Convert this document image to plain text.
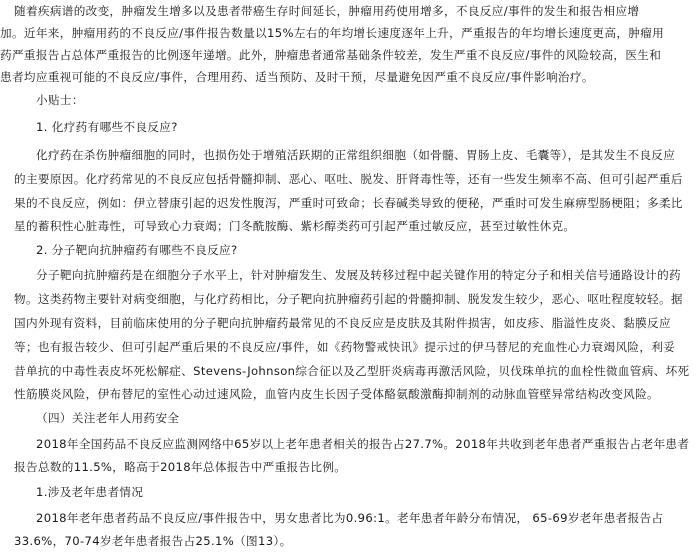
随着疾病谱的改变，肿瘤发生增多以及患者带癌生存时间延长，肿瘤用药使用增多，不良反应/事件的发生和报告相应增
加。近年来，肿瘤用药的不良反应/事件报告数量以15%左右的年均增长速度逐年上升，严重报告的年均增长速度更高，肿瘤用
药严重报告占总体严重报告的比例逐年递增。此外，肿瘤患者通常基础条件较差，发生严重不良反应/事件的风险较高，医生和
患者均应重视可能的不良反应/事件，合理用药、适当预防、及时干预，尽量避免因严重不良反应/事件影响治疗。
小贴士：
1. 化疗药有哪些不良反应?
化疗药在杀伤肿瘤细胞的同时，也损伤处于增殖活跃期的正常组织细胞（如骨髓、胃肠上皮、毛囊等），是其发生不良反应
的主要原因。化疗药常见的不良反应包括骨髓抑制、恶心、呕吐、脱发、肝肾毒性等，还有一些发生频率不高、但可引起严重后
果的不良反应，例如：伊立替康引起的迟发性腹泻，严重时可致命；长春碱类导致的便秘，严重时可发生麻痹型肠梗阻；多柔比
星的蓄积性心脏毒性，可导致心力衰竭；门冬酰胺酶、紫杉醇类药可引起严重过敏反应，甚至过敏性休克。
2. 分子靶向抗肿瘤药有哪些不良反应?
分子靶向抗肿瘤药是在细胞分子水平上，针对肿瘤发生、发展及转移过程中起关键作用的特定分子和相关信号通路设计的药
物。这类药物主要针对病变细胞，与化疗药相比，分子靶向抗肿瘤药引起的骨髓抑制、脱发发生较少，恶心、呕吐程度较轻。据
国内外现有资料，目前临床使用的分子靶向抗肿瘤药最常见的不良反应是皮肤及其附件损害，如皮疹、脂溢性皮炎、黏膜反应
等；也有报告较少、但可引起严重后果的不良反应/事件，如《药物警戒快讯》提示过的伊马替尼的充血性心力衰竭风险，利妥
昔单抗的中毒性表皮坏死松解症、Stevens-Johnson综合征以及乙型肝炎病毒再激活风险，贝伐珠单抗的血栓性微血管病、坏死
性筋膜炎风险，伊布替尼的室性心动过速风险，血管内皮生长因子受体酪氨酸激酶抑制剂的动脉血管壁异常结构改变风险。
（四）关注老年人用药安全
2018年全国药品不良反应监测网络中65岁以上老年患者相关的报告占27.7%。2018年共收到老年患者严重报告占老年患者
报告总数的11.5%，略高于2018年总体报告中严重报告比例。
1.涉及老年患者情况
2018年老年患者药品不良反应/事件报告中，男女患者比为0.96:1。老年患者年龄分布情况， 65-69岁老年患者报告占
33.6%，70-74岁老年患者报告占25.1%（图13）。
